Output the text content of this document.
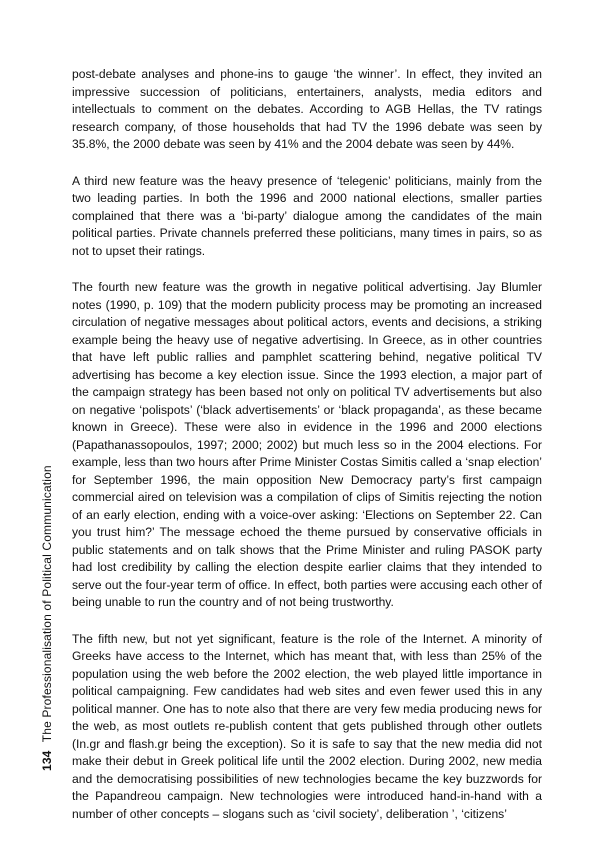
post-debate analyses and phone-ins to gauge ‘the winner’. In effect, they invited an impressive succession of politicians, entertainers, analysts, media editors and intellectuals to comment on the debates. According to AGB Hellas, the TV ratings research company, of those households that had TV the 1996 debate was seen by 35.8%, the 2000 debate was seen by 41% and the 2004 debate was seen by 44%.

A third new feature was the heavy presence of ‘telegenic’ politicians, mainly from the two leading parties. In both the 1996 and 2000 national elections, smaller parties complained that there was a ‘bi-party’ dialogue among the candidates of the main political parties. Private channels preferred these politicians, many times in pairs, so as not to upset their ratings.

The fourth new feature was the growth in negative political advertising. Jay Blumler notes (1990, p. 109) that the modern publicity process may be promoting an increased circulation of negative messages about political actors, events and decisions, a striking example being the heavy use of negative advertising. In Greece, as in other countries that have left public rallies and pamphlet scattering behind, negative political TV advertising has become a key election issue. Since the 1993 election, a major part of the campaign strategy has been based not only on political TV advertisements but also on negative ‘polispots’ (‘black advertisements’ or ‘black propaganda’, as these became known in Greece). These were also in evidence in the 1996 and 2000 elections (Papathanassopoulos, 1997; 2000; 2002) but much less so in the 2004 elections. For example, less than two hours after Prime Minister Costas Simitis called a ‘snap election’ for September 1996, the main opposition New Democracy party’s first campaign commercial aired on television was a compilation of clips of Simitis rejecting the notion of an early election, ending with a voice-over asking: ‘Elections on September 22. Can you trust him?’ The message echoed the theme pursued by conservative officials in public statements and on talk shows that the Prime Minister and ruling PASOK party had lost credibility by calling the election despite earlier claims that they intended to serve out the four-year term of office. In effect, both parties were accusing each other of being unable to run the country and of not being trustworthy.

The fifth new, but not yet significant, feature is the role of the Internet. A minority of Greeks have access to the Internet, which has meant that, with less than 25% of the population using the web before the 2002 election, the web played little importance in political campaigning. Few candidates had web sites and even fewer used this in any political manner. One has to note also that there are very few media producing news for the web, as most outlets re-publish content that gets published through other outlets (In.gr and flash.gr being the exception). So it is safe to say that the new media did not make their debut in Greek political life until the 2002 election. During 2002, new media and the democratising possibilities of new technologies became the key buzzwords for the Papandreou campaign. New technologies were introduced hand-in-hand with a number of other concepts – slogans such as ‘civil society’, deliberation ’, ‘citizens’

134 The Professionalisation of Political Communication
